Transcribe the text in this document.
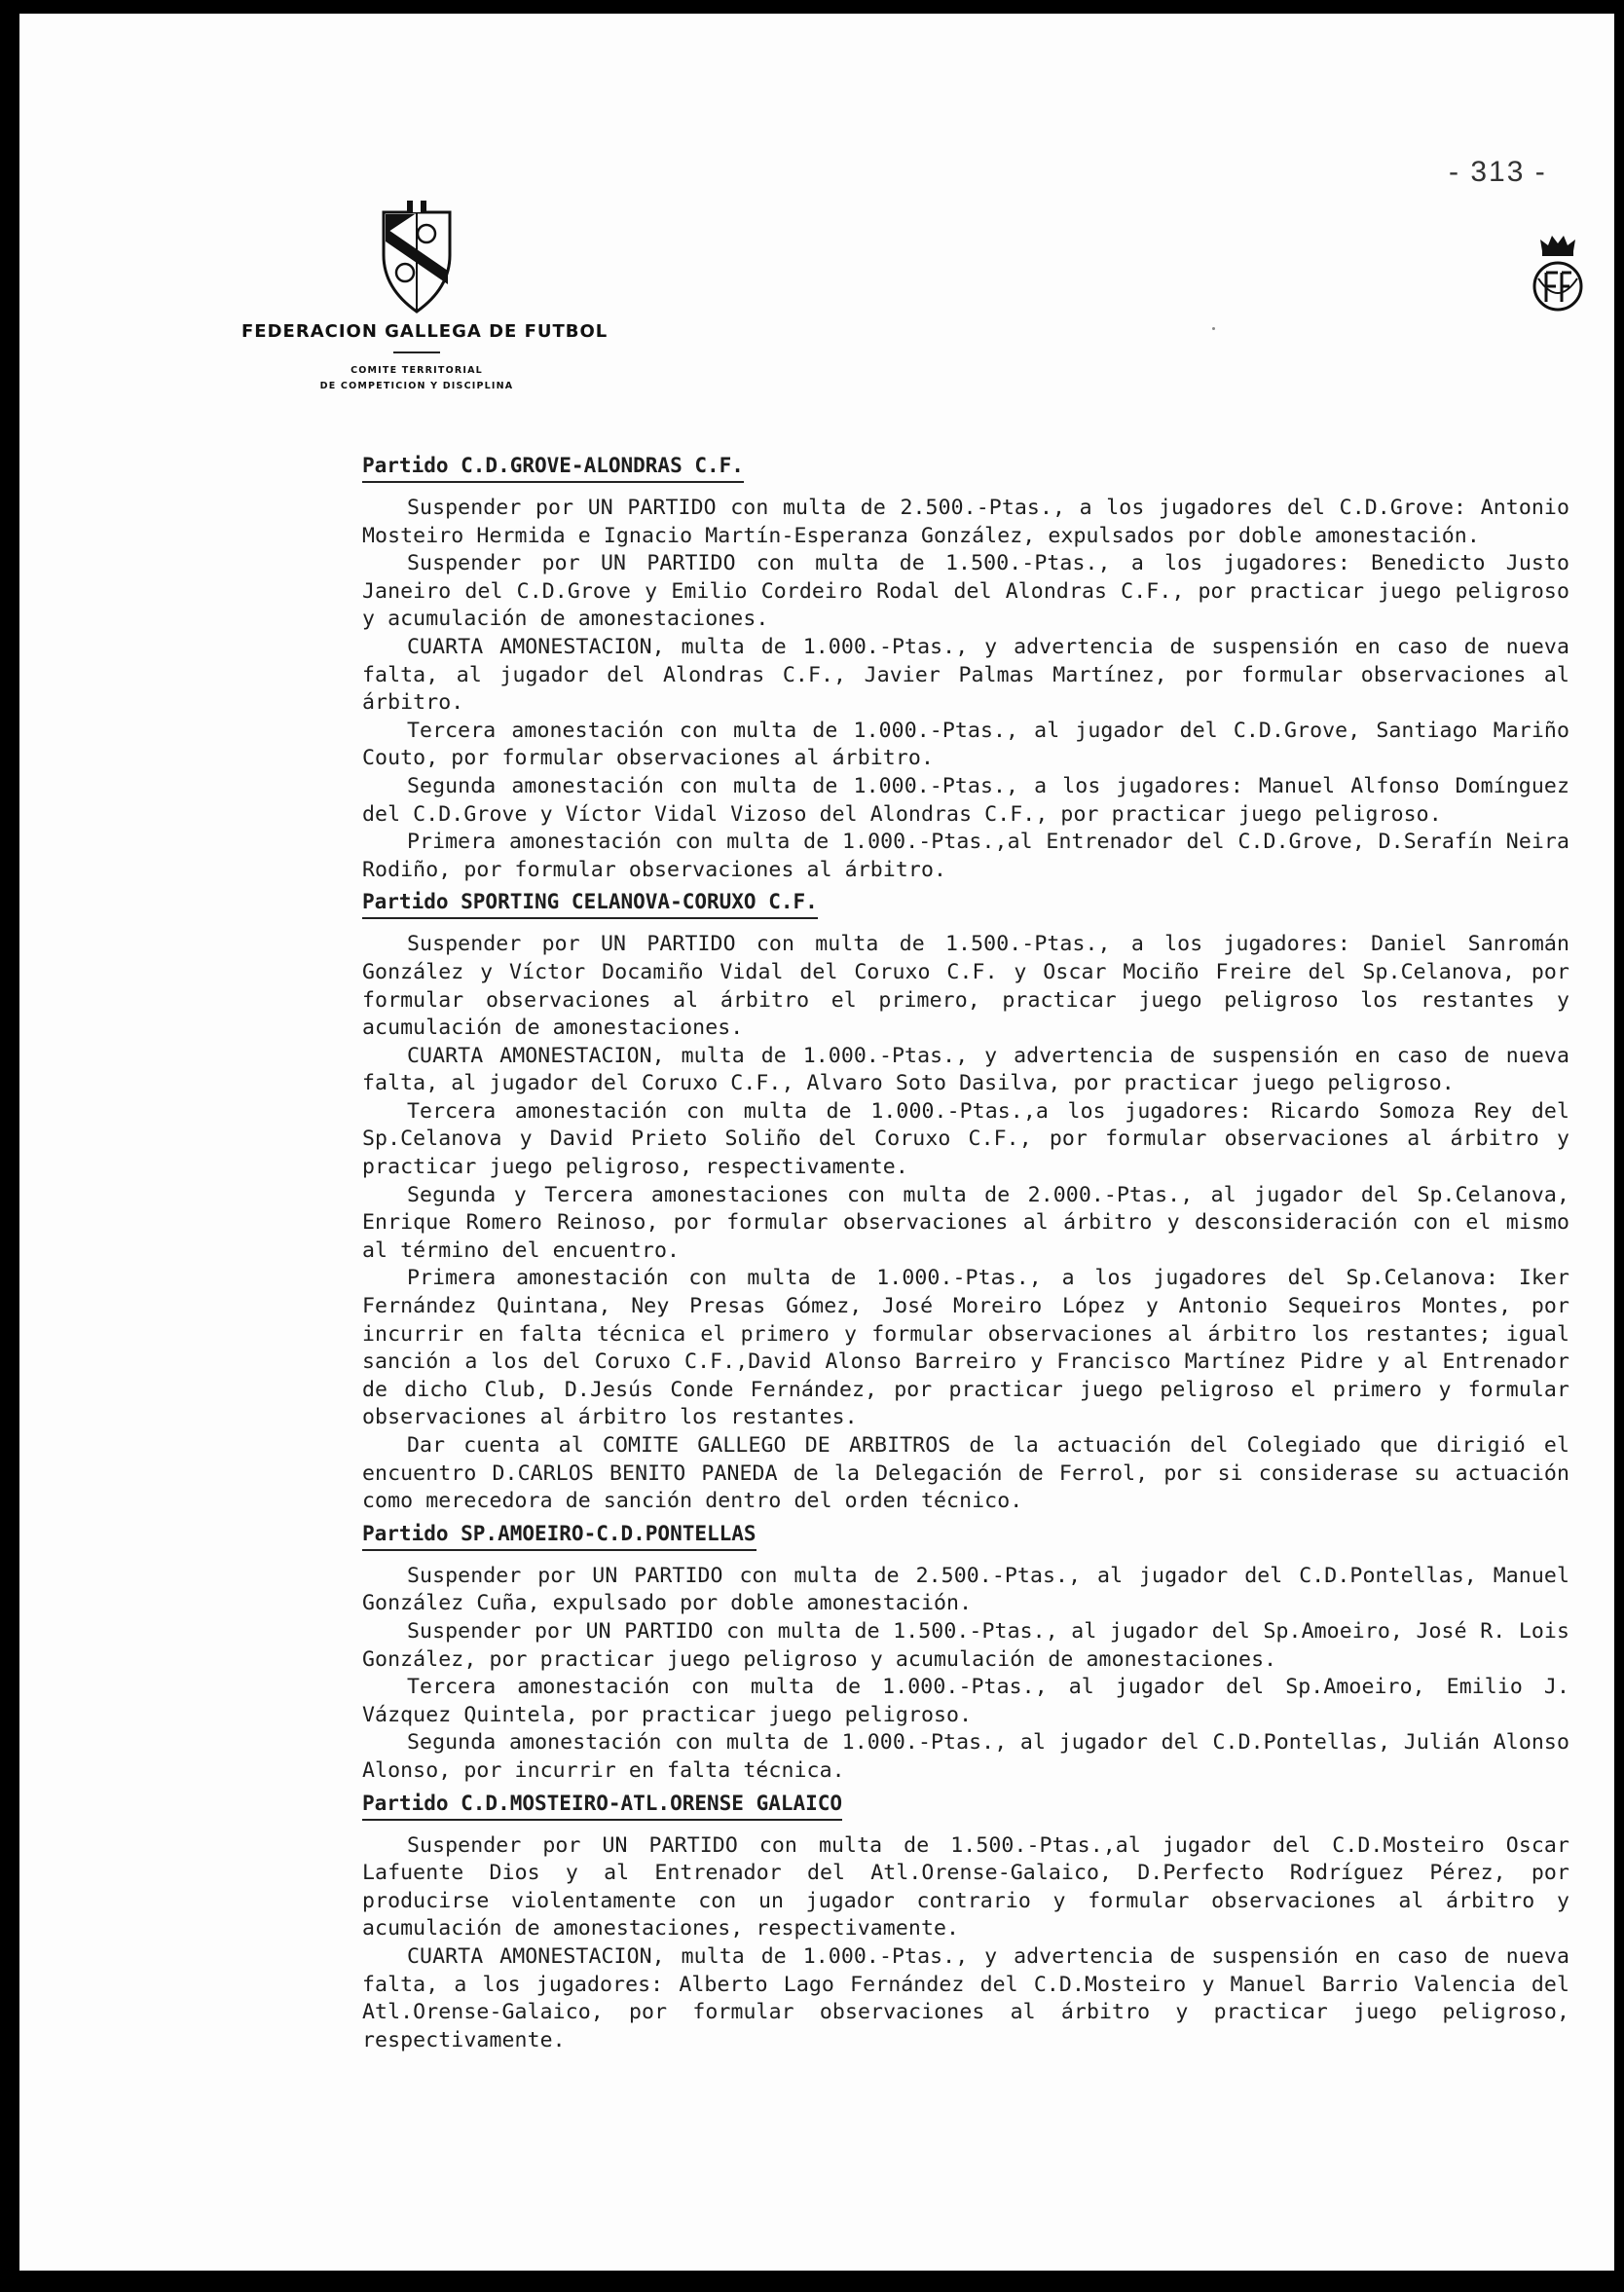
- 313 -
FEDERACION GALLEGA DE FUTBOL
COMITE TERRITORIAL
DE COMPETICION Y DISCIPLINA
Partido C.D.GROVE-ALONDRAS C.F.

Suspender por UN PARTIDO con multa de 2.500.-Ptas., a los jugadores del C.D.Grove: Antonio Mosteiro Hermida e Ignacio Martín-Esperanza González, expulsados por doble amonestación.

Suspender por UN PARTIDO con multa de 1.500.-Ptas., a los jugadores: Benedicto Justo Janeiro del C.D.Grove y Emilio Cordeiro Rodal del Alondras C.F., por practicar juego peligroso y acumulación de amonestaciones.

CUARTA AMONESTACION, multa de 1.000.-Ptas., y advertencia de suspensión en caso de nueva falta, al jugador del Alondras C.F., Javier Palmas Martínez, por formular observaciones al árbitro.

Tercera amonestación con multa de 1.000.-Ptas., al jugador del C.D.Grove, Santiago Mariño Couto, por formular observaciones al árbitro.

Segunda amonestación con multa de 1.000.-Ptas., a los jugadores: Manuel Alfonso Domínguez del C.D.Grove y Víctor Vidal Vizoso del Alondras C.F., por practicar juego peligroso.

Primera amonestación con multa de 1.000.-Ptas.,al Entrenador del C.D.Grove, D.Serafín Neira Rodiño, por formular observaciones al árbitro.

Partido SPORTING CELANOVA-CORUXO C.F.

Suspender por UN PARTIDO con multa de 1.500.-Ptas., a los jugadores: Daniel Sanromán González y Víctor Docamiño Vidal del Coruxo C.F. y Oscar Mociño Freire del Sp.Celanova, por formular observaciones al árbitro el primero, practicar juego peligroso los restantes y acumulación de amonestaciones.

CUARTA AMONESTACION, multa de 1.000.-Ptas., y advertencia de suspensión en caso de nueva falta, al jugador del Coruxo C.F., Alvaro Soto Dasilva, por practicar juego peligroso.

Tercera amonestación con multa de 1.000.-Ptas.,a los jugadores: Ricardo Somoza Rey del Sp.Celanova y David Prieto Soliño del Coruxo C.F., por formular observaciones al árbitro y practicar juego peligroso, respectivamente.

Segunda y Tercera amonestaciones con multa de 2.000.-Ptas., al jugador del Sp.Celanova, Enrique Romero Reinoso, por formular observaciones al árbitro y desconsideración con el mismo al término del encuentro.

Primera amonestación con multa de 1.000.-Ptas., a los jugadores del Sp.Celanova: Iker Fernández Quintana, Ney Presas Gómez, José Moreiro López y Antonio Sequeiros Montes, por incurrir en falta técnica el primero y formular observaciones al árbitro los restantes; igual sanción a los del Coruxo C.F.,David Alonso Barreiro y Francisco Martínez Pidre y al Entrenador de dicho Club, D.Jesús Conde Fernández, por practicar juego peligroso el primero y formular observaciones al árbitro los restantes.

Dar cuenta al COMITE GALLEGO DE ARBITROS de la actuación del Colegiado que dirigió el encuentro D.CARLOS BENITO PANEDA de la Delegación de Ferrol, por si considerase su actuación como merecedora de sanción dentro del orden técnico.

Partido SP.AMOEIRO-C.D.PONTELLAS

Suspender por UN PARTIDO con multa de 2.500.-Ptas., al jugador del C.D.Pontellas, Manuel González Cuña, expulsado por doble amonestación.

Suspender por UN PARTIDO con multa de 1.500.-Ptas., al jugador del Sp.Amoeiro, José R. Lois González, por practicar juego peligroso y acumulación de amonestaciones.

Tercera amonestación con multa de 1.000.-Ptas., al jugador del Sp.Amoeiro, Emilio J. Vázquez Quintela, por practicar juego peligroso.

Segunda amonestación con multa de 1.000.-Ptas., al jugador del C.D.Pontellas, Julián Alonso Alonso, por incurrir en falta técnica.

Partido C.D.MOSTEIRO-ATL.ORENSE GALAICO

Suspender por UN PARTIDO con multa de 1.500.-Ptas.,al jugador del C.D.Mosteiro Oscar Lafuente Dios y al Entrenador del Atl.Orense-Galaico, D.Perfecto Rodríguez Pérez, por producirse violentamente con un jugador contrario y formular observaciones al árbitro y acumulación de amonestaciones, respectivamente.

CUARTA AMONESTACION, multa de 1.000.-Ptas., y advertencia de suspensión en caso de nueva falta, a los jugadores: Alberto Lago Fernández del C.D.Mosteiro y Manuel Barrio Valencia del Atl.Orense-Galaico, por formular observaciones al árbitro y practicar juego peligroso, respectivamente.
